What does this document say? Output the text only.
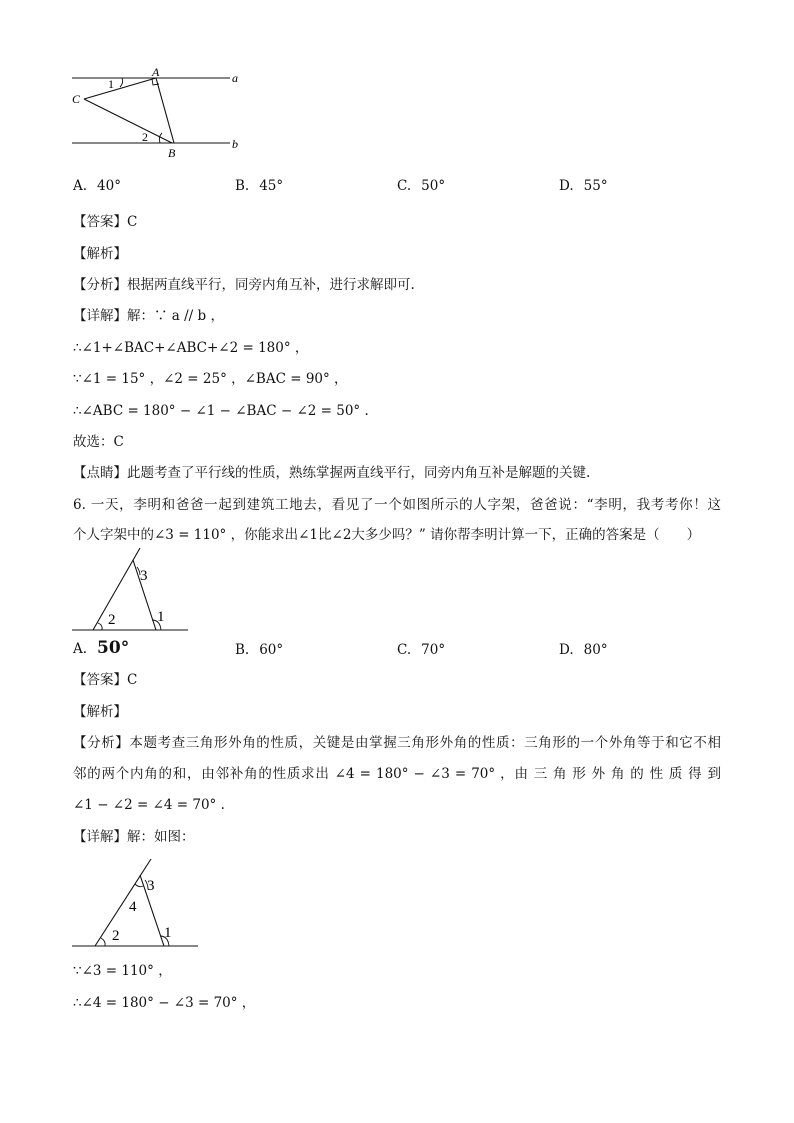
A	a
C
1
2
B
b
A. 40°	B. 45°	C. 50°	D. 55°
【答案】C
【解析】
【分析】根据两直线平行，同旁内角互补，进行求解即可.
【详解】解：∵ a // b ，
∴∠1+∠BAC+∠ABC+∠2 = 180° ，
∵∠1 = 15° ，∠2 = 25° ，∠BAC = 90° ，
∴∠ABC = 180° − ∠1 − ∠BAC − ∠2 = 50° .
故选：C
【点睛】此题考查了平行线的性质，熟练掌握两直线平行，同旁内角互补是解题的关键.
6. 一天，李明和爸爸一起到建筑工地去，看见了一个如图所示的人字架，爸爸说：“李明，我考考你！这
个人字架中的∠3 = 110° ，你能求出∠1比∠2大多少吗？” 请你帮李明计算一下，正确的答案是（　　）
3
2	1
A. 50°	B. 60°	C. 70°	D. 80°
【答案】C
【解析】
【分析】本题考查三角形外角的性质，关键是由掌握三角形外角的性质：三角形的一个外角等于和它不相
邻的两个内角的和，由邻补角的性质求出 ∠4 = 180° − ∠3 = 70° ，由 三 角 形 外 角 的 性 质 得 到
∠1 − ∠2 = ∠4 = 70° .
【详解】解：如图：
3
4
2	1
∵∠3 = 110° ，
∴∠4 = 180° − ∠3 = 70° ，
